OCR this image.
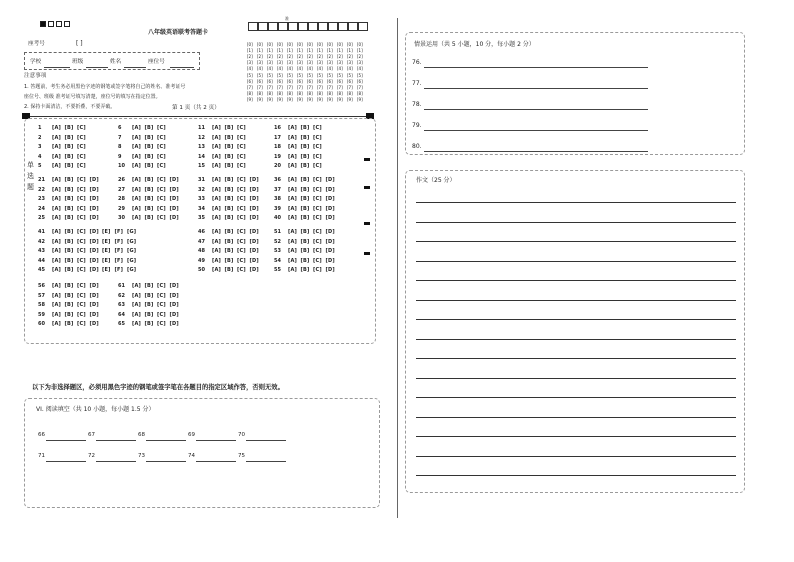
八年级英语联考答题卡
座考号	[ ]
学校	班级	姓名	座位号
注意事项
1. 答题前，考生务必用黑色字迹的钢笔或签字笔将自己的姓名、准考证号
座位号、班级 准考证号填写清楚，座位号的填写在指定位置。
2. 保持卡面清洁，不要折叠，不要弄破。
准
[0] [0] [0] [0] [0] [0] [0] [0] [0] [0] [0] [0]
[1] [1] [1] [1] [1] [1] [1] [1] [1] [1] [1] [1]
[2] [2] [2] [2] [2] [2] [2] [2] [2] [2] [2] [2]
[3] [3] [3] [3] [3] [3] [3] [3] [3] [3] [3] [3]
[4] [4] [4] [4] [4] [4] [4] [4] [4] [4] [4] [4]
[5] [5] [5] [5] [5] [5] [5] [5] [5] [5] [5] [5]
[6] [6] [6] [6] [6] [6] [6] [6] [6] [6] [6] [6]
[7] [7] [7] [7] [7] [7] [7] [7] [7] [7] [7] [7]
[8] [8] [8] [8] [8] [8] [8] [8] [8] [8] [8] [8]
[9] [9] [9] [9] [9] [9] [9] [9] [9] [9] [9] [9]
第 1 页（共 2 页）
单
选
题
1 [A] [B] [C]
2 [A] [B] [C]
3 [A] [B] [C]
4 [A] [B] [C]
5 [A] [B] [C]
6 [A] [B] [C]
7 [A] [B] [C]
8 [A] [B] [C]
9 [A] [B] [C]
10 [A] [B] [C]
11 [A] [B] [C]
12 [A] [B] [C]
13 [A] [B] [C]
14 [A] [B] [C]
15 [A] [B] [C]
16 [A] [B] [C]
17 [A] [B] [C]
18 [A] [B] [C]
19 [A] [B] [C]
20 [A] [B] [C]
21 [A] [B] [C] [D]
22 [A] [B] [C] [D]
23 [A] [B] [C] [D]
24 [A] [B] [C] [D]
25 [A] [B] [C] [D]
26 [A] [B] [C] [D]
27 [A] [B] [C] [D]
28 [A] [B] [C] [D]
29 [A] [B] [C] [D]
30 [A] [B] [C] [D]
31 [A] [B] [C] [D]
32 [A] [B] [C] [D]
33 [A] [B] [C] [D]
34 [A] [B] [C] [D]
35 [A] [B] [C] [D]
36 [A] [B] [C] [D]
37 [A] [B] [C] [D]
38 [A] [B] [C] [D]
39 [A] [B] [C] [D]
40 [A] [B] [C] [D]
41 [A] [B] [C] [D] [E] [F] [G]
42 [A] [B] [C] [D] [E] [F] [G]
43 [A] [B] [C] [D] [E] [F] [G]
44 [A] [B] [C] [D] [E] [F] [G]
45 [A] [B] [C] [D] [E] [F] [G]
46 [A] [B] [C] [D]
47 [A] [B] [C] [D]
48 [A] [B] [C] [D]
49 [A] [B] [C] [D]
50 [A] [B] [C] [D]
51 [A] [B] [C] [D]
52 [A] [B] [C] [D]
53 [A] [B] [C] [D]
54 [A] [B] [C] [D]
55 [A] [B] [C] [D]
56 [A] [B] [C] [D]
57 [A] [B] [C] [D]
58 [A] [B] [C] [D]
59 [A] [B] [C] [D]
60 [A] [B] [C] [D]
61 [A] [B] [C] [D]
62 [A] [B] [C] [D]
63 [A] [B] [C] [D]
64 [A] [B] [C] [D]
65 [A] [B] [C] [D]
以下为非选择题区，必须用黑色字迹的钢笔或签字笔在各题目的指定区域作答，否则无效。
VI. 阅读填空（共 10 小题，每小题 1.5 分）
66	67	68	69	70
71	72	73	74	75
情景运用（共 5 小题，10 分，每小题 2 分）
76.
77.
78.
79.
80.
作文（25 分）
